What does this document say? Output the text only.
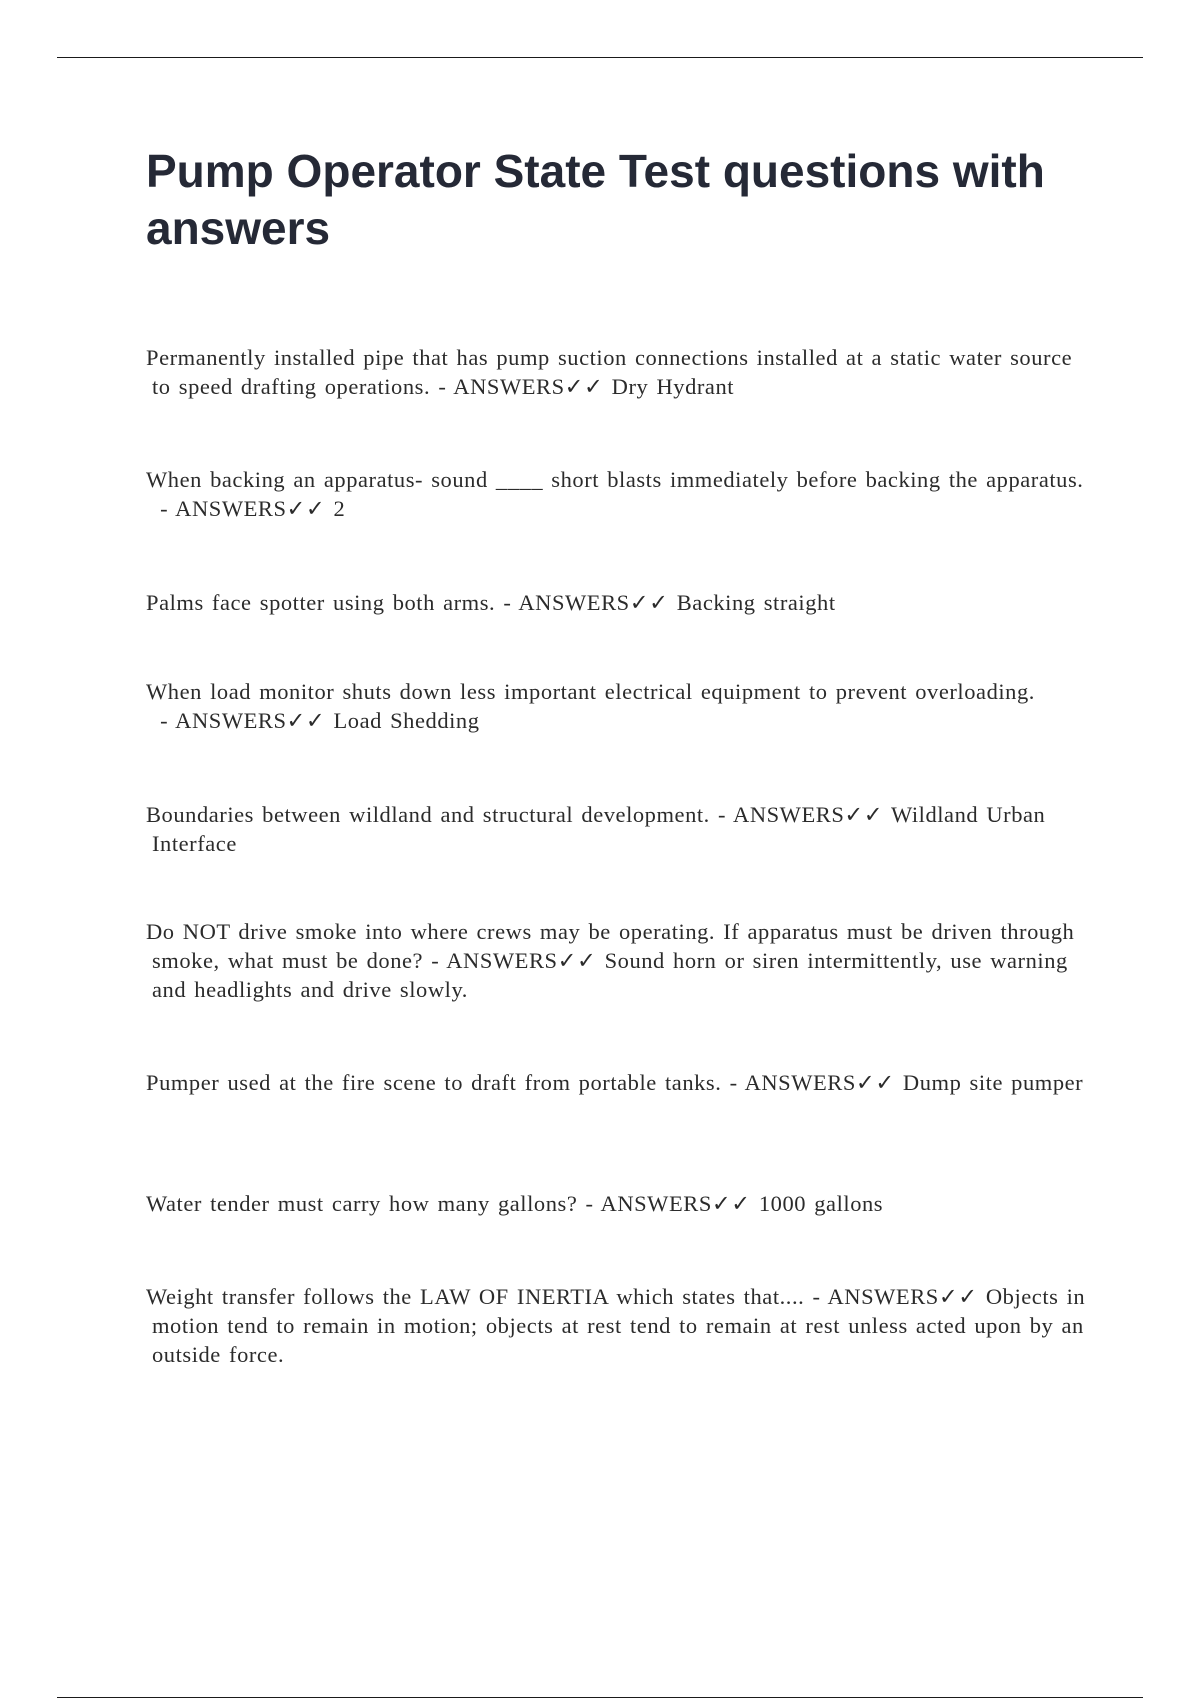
Pump Operator State Test questions with answers

Permanently installed pipe that has pump suction connections installed at a static water source to speed drafting operations. - ANSWERS✓✓ Dry Hydrant

When backing an apparatus- sound ____ short blasts immediately before backing the apparatus. - ANSWERS✓✓ 2

Palms face spotter using both arms. - ANSWERS✓✓ Backing straight

When load monitor shuts down less important electrical equipment to prevent overloading. - ANSWERS✓✓ Load Shedding

Boundaries between wildland and structural development. - ANSWERS✓✓ Wildland Urban Interface

Do NOT drive smoke into where crews may be operating. If apparatus must be driven through smoke, what must be done? - ANSWERS✓✓ Sound horn or siren intermittently, use warning and headlights and drive slowly.

Pumper used at the fire scene to draft from portable tanks. - ANSWERS✓✓ Dump site pumper

Water tender must carry how many gallons? - ANSWERS✓✓ 1000 gallons

Weight transfer follows the LAW OF INERTIA which states that.... - ANSWERS✓✓ Objects in motion tend to remain in motion; objects at rest tend to remain at rest unless acted upon by an outside force.
